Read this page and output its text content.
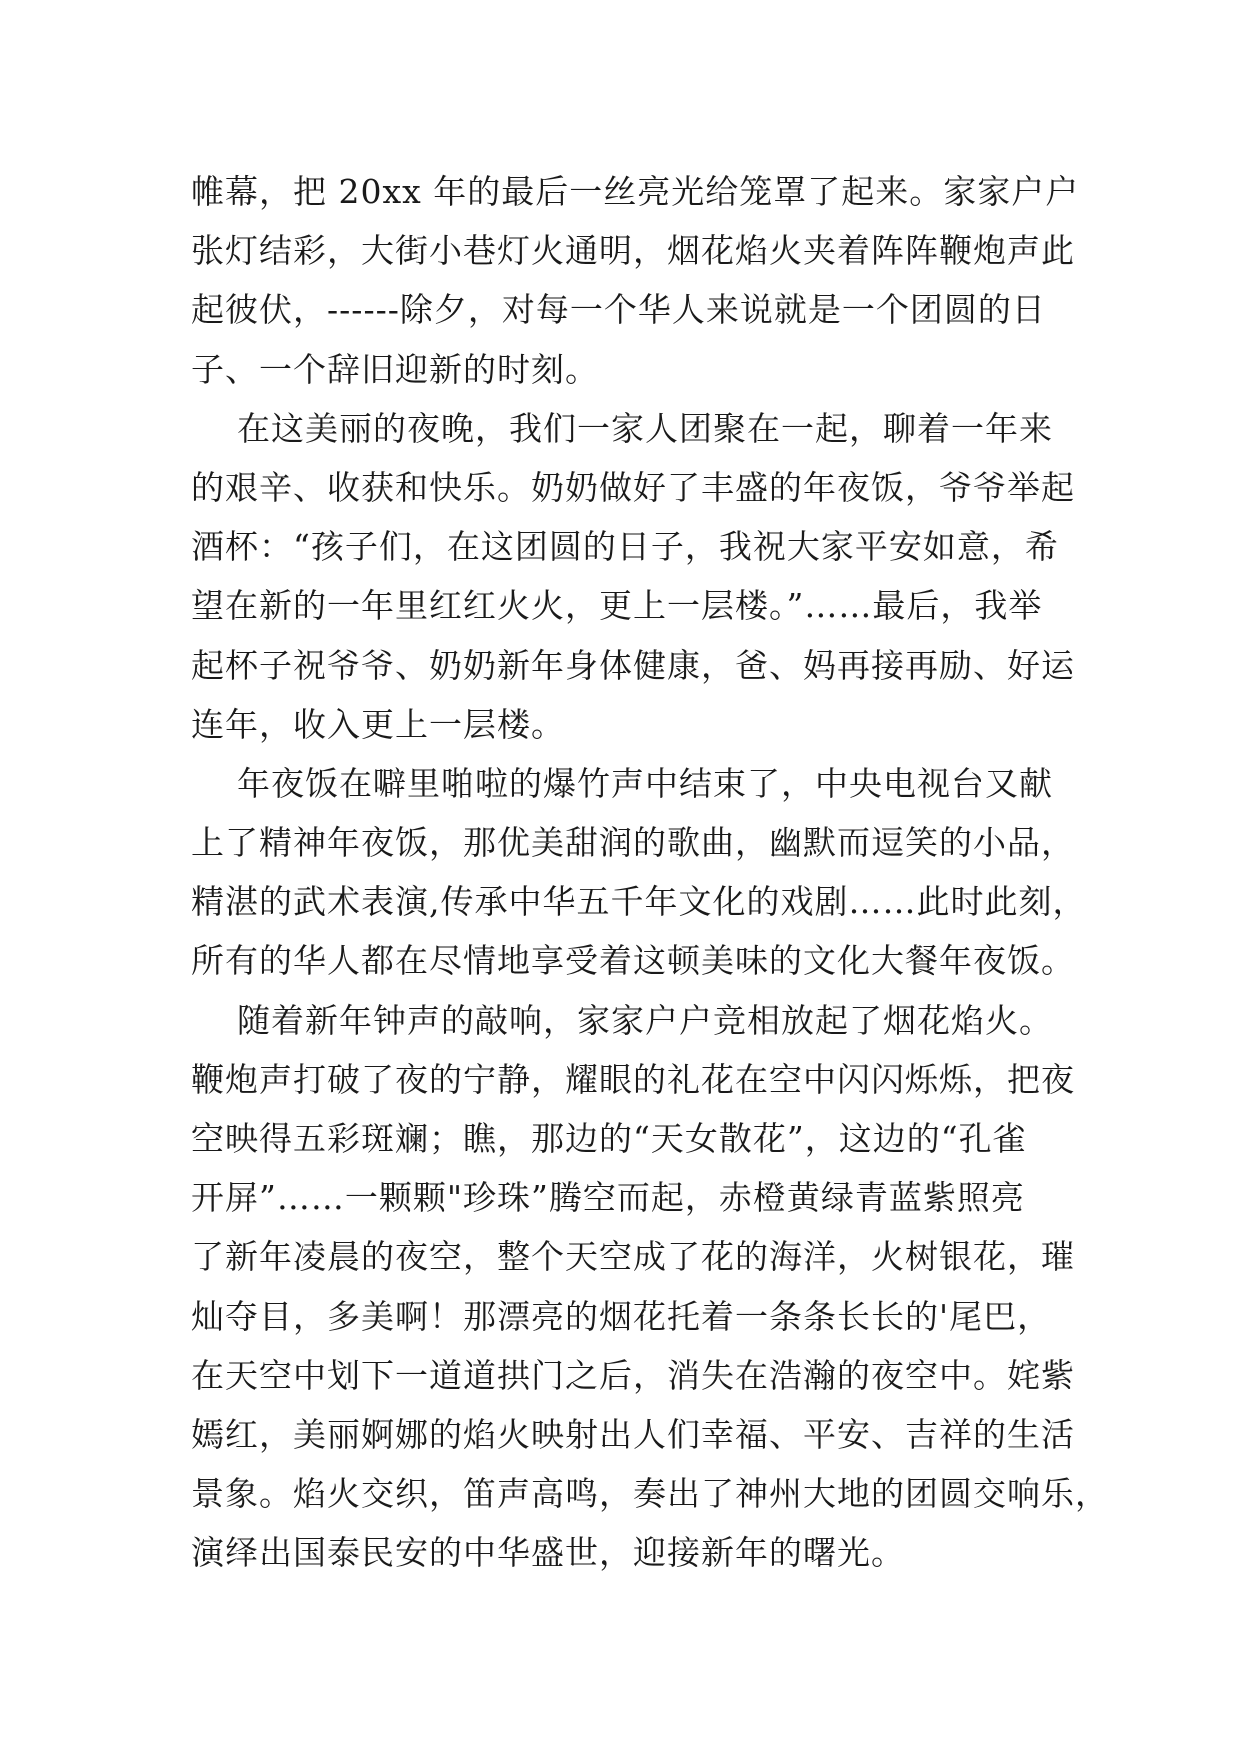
帷幕，把 20xx 年的最后一丝亮光给笼罩了起来。家家户户
张灯结彩，大街小巷灯火通明，烟花焰火夹着阵阵鞭炮声此
起彼伏，------除夕，对每一个华人来说就是一个团圆的日
子、一个辞旧迎新的时刻。
在这美丽的夜晚，我们一家人团聚在一起，聊着一年来
的艰辛、收获和快乐。奶奶做好了丰盛的年夜饭，爷爷举起
酒杯：“孩子们，在这团圆的日子，我祝大家平安如意，希
望在新的一年里红红火火，更上一层楼。”……最后，我举
起杯子祝爷爷、奶奶新年身体健康，爸、妈再接再励、好运
连年，收入更上一层楼。
年夜饭在噼里啪啦的爆竹声中结束了，中央电视台又献
上了精神年夜饭，那优美甜润的歌曲，幽默而逗笑的小品，
精湛的武术表演,传承中华五千年文化的戏剧……此时此刻，
所有的华人都在尽情地享受着这顿美味的文化大餐年夜饭。
随着新年钟声的敲响，家家户户竞相放起了烟花焰火。
鞭炮声打破了夜的宁静，耀眼的礼花在空中闪闪烁烁，把夜
空映得五彩斑斓；瞧，那边的“天女散花”，这边的“孔雀
开屏”……一颗颗"珍珠”腾空而起，赤橙黄绿青蓝紫照亮
了新年凌晨的夜空，整个天空成了花的海洋，火树银花，璀
灿夺目，多美啊！那漂亮的烟花托着一条条长长的'尾巴，
在天空中划下一道道拱门之后，消失在浩瀚的夜空中。姹紫
嫣红，美丽婀娜的焰火映射出人们幸福、平安、吉祥的生活
景象。焰火交织，笛声高鸣，奏出了神州大地的团圆交响乐，
演绎出国泰民安的中华盛世，迎接新年的曙光。
